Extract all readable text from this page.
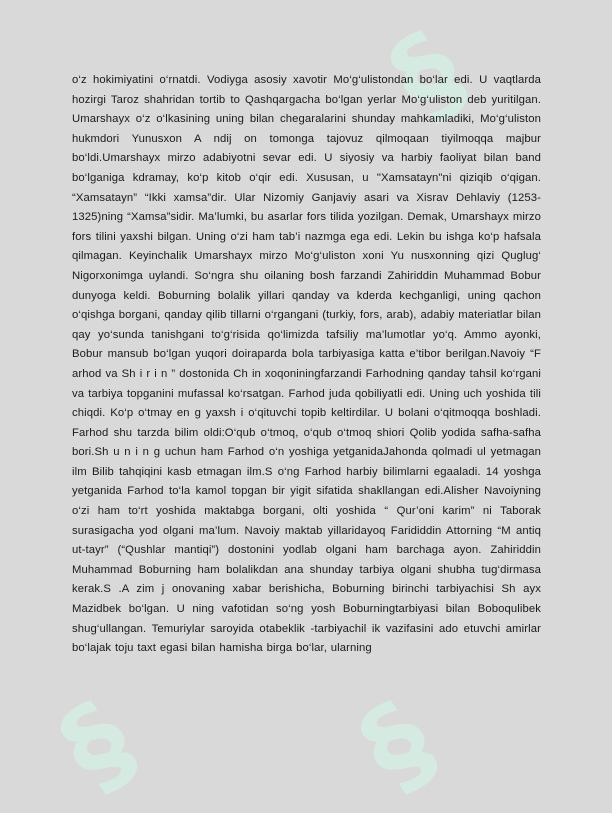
§
§ §

o‘z hokimiyatini o‘rnatdi. Vodiyga asosiy xavotir Mo‘g‘ulistondan bo‘lar edi. U vaqtlarda hozirgi Taroz shahridan tortib to Qashqargacha bo‘lgan yerlar Mo‘g‘uliston deb yuritilgan. Umarshayx o‘z o‘lkasining uning bilan chegaralarini shunday mahkamladiki, Mo‘g‘uliston hukmdori Yunusxon A ndij on tomonga tajovuz qilmoqaan tiyilmoqqa majbur bo‘ldi.Umarshayx mirzo adabiyotni sevar edi. U siyosiy va harbiy faoliyat bilan band bo‘lganiga kdramay, ko‘p kitob o‘qir edi. Xususan, u "Xamsatayn"ni qiziqib o‘qigan. “Xamsatayn” “Ikki xamsa”dir. Ular Nizomiy Ganjaviy asari va Xisrav Dehlaviy (1253-1325)ning “Xamsa”sidir. Ma’lumki, bu asarlar fors tilida yozilgan. Demak, Umarshayx mirzo fors tilini yaxshi bilgan. Uning o‘zi ham tab’i nazmga ega edi. Lekin bu ishga ko‘p hafsala qilmagan. Keyinchalik Umarshayx mirzo Mo‘g‘uliston xoni Yu nusxonning qizi Quglug‘ Nigorxonimga uylandi. So‘ngra shu oilaning bosh farzandi Zahiriddin Muhammad Bobur dunyoga keldi. Boburning bolalik yillari qanday va kderda kechganligi, uning qachon o‘qishga borgani, qanday qilib tillarni o‘rgangani (turkiy, fors, arab), adabiy materiatlar bilan qay yo‘sunda tanishgani to‘g‘risida qo‘limizda tafsiliy ma’lumotlar yo‘q. Ammo ayonki, Bobur mansub bo‘lgan yuqori doiraparda bola tarbiyasiga katta e’tibor berilgan.Navoiy “F arhod va Sh i r i n ” dostonida Ch in xoqoniningfarzandi Farhodning qanday tahsil ko‘rgani va tarbiya topganini mufassal ko‘rsatgan. Farhod juda qobiliyatli edi. Uning uch yoshida tili chiqdi. Ko‘p o‘tmay en g yaxsh i o‘qituvchi topib keltirdilar. U bolani o‘qitmoqqa boshladi. Farhod shu tarzda bilim oldi:O‘qub o‘tmoq, o‘qub o‘tmoq shiori Qolib yodida safha-safha bori.Sh u n i n g uchun ham Farhod o‘n yoshiga yetganidaJahonda qolmadi ul yetmagan ilm Bilib tahqiqini kasb etmagan ilm.S o‘ng Farhod harbiy bilimlarni egaaladi. 14 yoshga yetganida Farhod to‘la kamol topgan bir yigit sifatida shakllangan edi.Alisher Navoiyning o‘zi ham to‘rt yoshida maktabga borgani, olti yoshida “ Qur’oni karim” ni Taborak surasigacha yod olgani ma’lum. Navoiy maktab yillaridayoq Farididdin Attorning “M antiq ut-tayr” (“Qushlar mantiqi”) dostonini yodlab olgani ham barchaga ayon. Zahiriddin Muhammad Boburning ham bolalikdan ana shunday tarbiya olgani shubha tug‘dirmasa kerak.S .A zim j onovaning xabar berishicha, Boburning birinchi tarbiyachisi Sh ayx Mazidbek bo‘lgan. U ning vafotidan so‘ng yosh Boburningtarbiyasi bilan Boboqulibek shug‘ullangan. Temuriylar saroyida otabeklik -tarbiyachil ik vazifasini ado etuvchi amirlar bo‘lajak toju taxt egasi bilan hamisha birga bo‘lar, ularning
